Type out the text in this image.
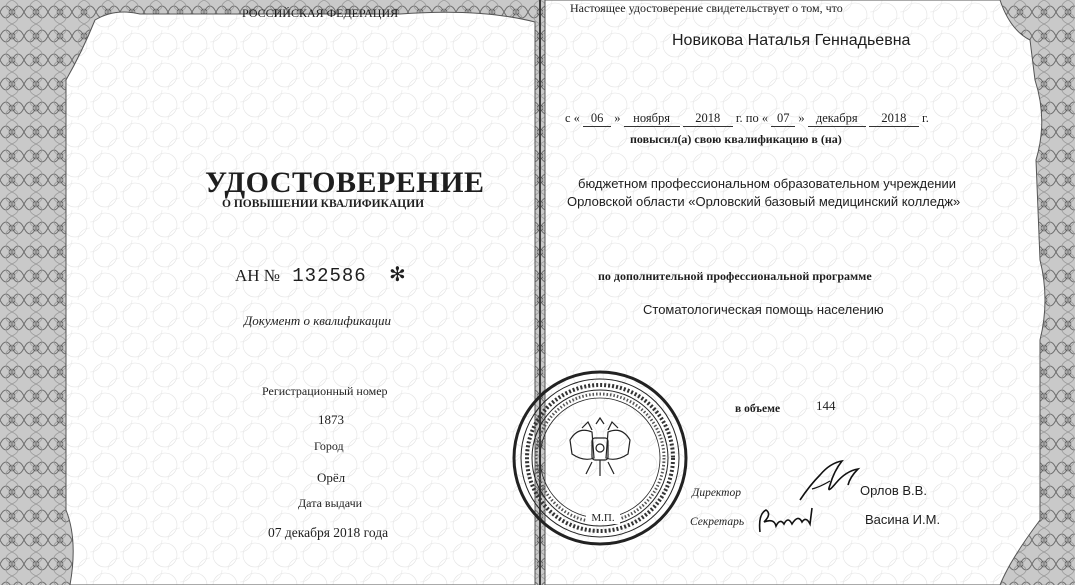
РОССИЙСКАЯ ФЕДЕРАЦИЯ
УДОСТОВЕРЕНИЕ
О ПОВЫШЕНИИ КВАЛИФИКАЦИИ
АН № 132586 ✻
Документ о квалификации
Регистрационный номер
1873
Город
Орёл
Дата выдачи
07 декабря 2018 года
Настоящее удостоверение свидетельствует о том, что
Новикова Наталья Геннадьевна
с « 06 » ноября 2018 г. по « 07 » декабря 2018 г.
повысил(а) свою квалификацию в (на)
бюджетном профессиональном образовательном учреждении
Орловской области «Орловский базовый медицинский колледж»
по дополнительной профессиональной программе
Стоматологическая помощь населению
в объеме	144
М.П.
Директор	Орлов В.В.
Секретарь	Васина И.М.
